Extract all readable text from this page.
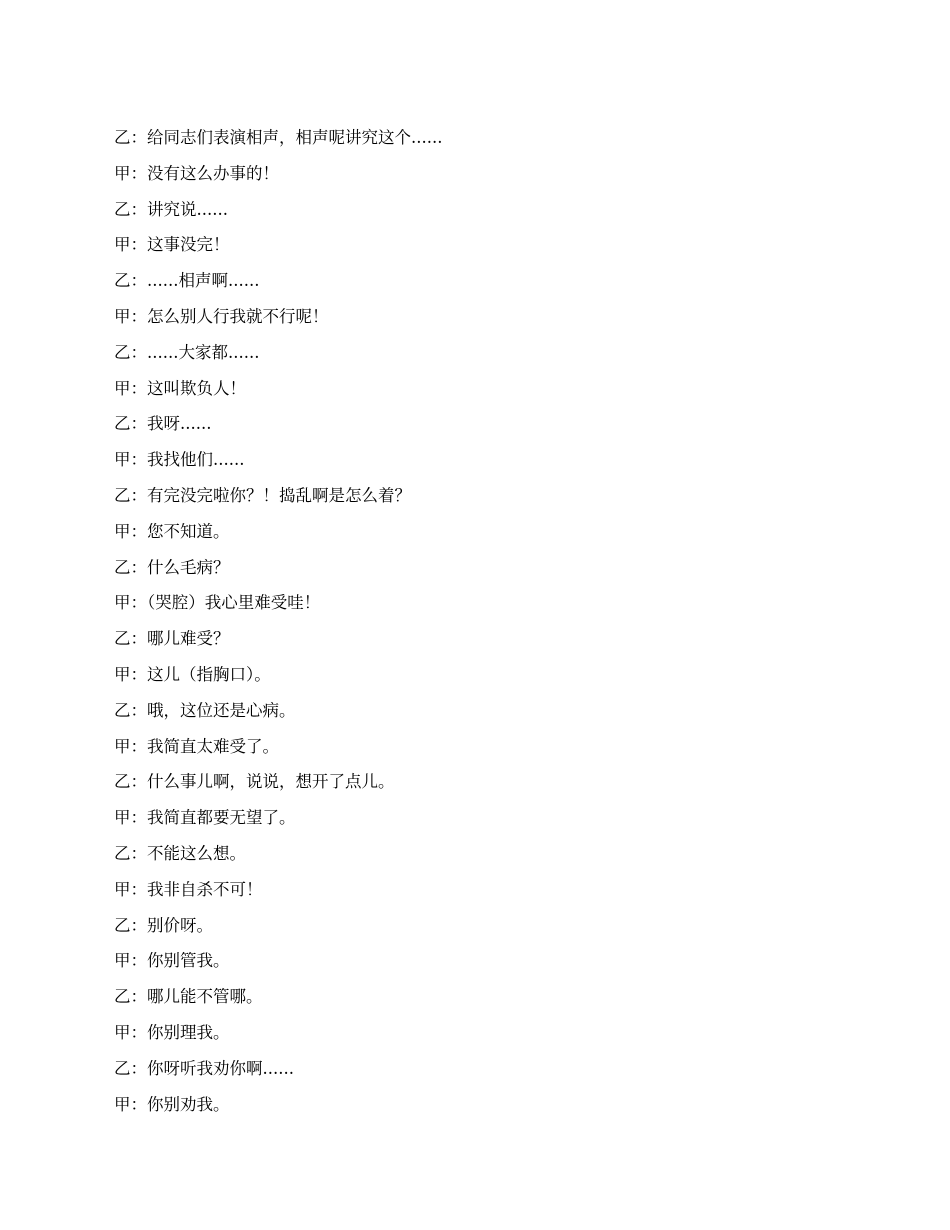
乙：给同志们表演相声，相声呢讲究这个......
甲：没有这么办事的！
乙：讲究说......
甲：这事没完！
乙：......相声啊......
甲：怎么别人行我就不行呢！
乙：......大家都......
甲：这叫欺负人！
乙：我呀......
甲：我找他们......
乙：有完没完啦你？！捣乱啊是怎么着？
甲：您不知道。
乙：什么毛病？
甲：（哭腔）我心里难受哇！
乙：哪儿难受？
甲：这儿（指胸口）。
乙：哦，这位还是心病。
甲：我简直太难受了。
乙：什么事儿啊，说说，想开了点儿。
甲：我简直都要无望了。
乙：不能这么想。
甲：我非自杀不可！
乙：别价呀。
甲：你别管我。
乙：哪儿能不管哪。
甲：你别理我。
乙：你呀听我劝你啊......
甲：你别劝我。
